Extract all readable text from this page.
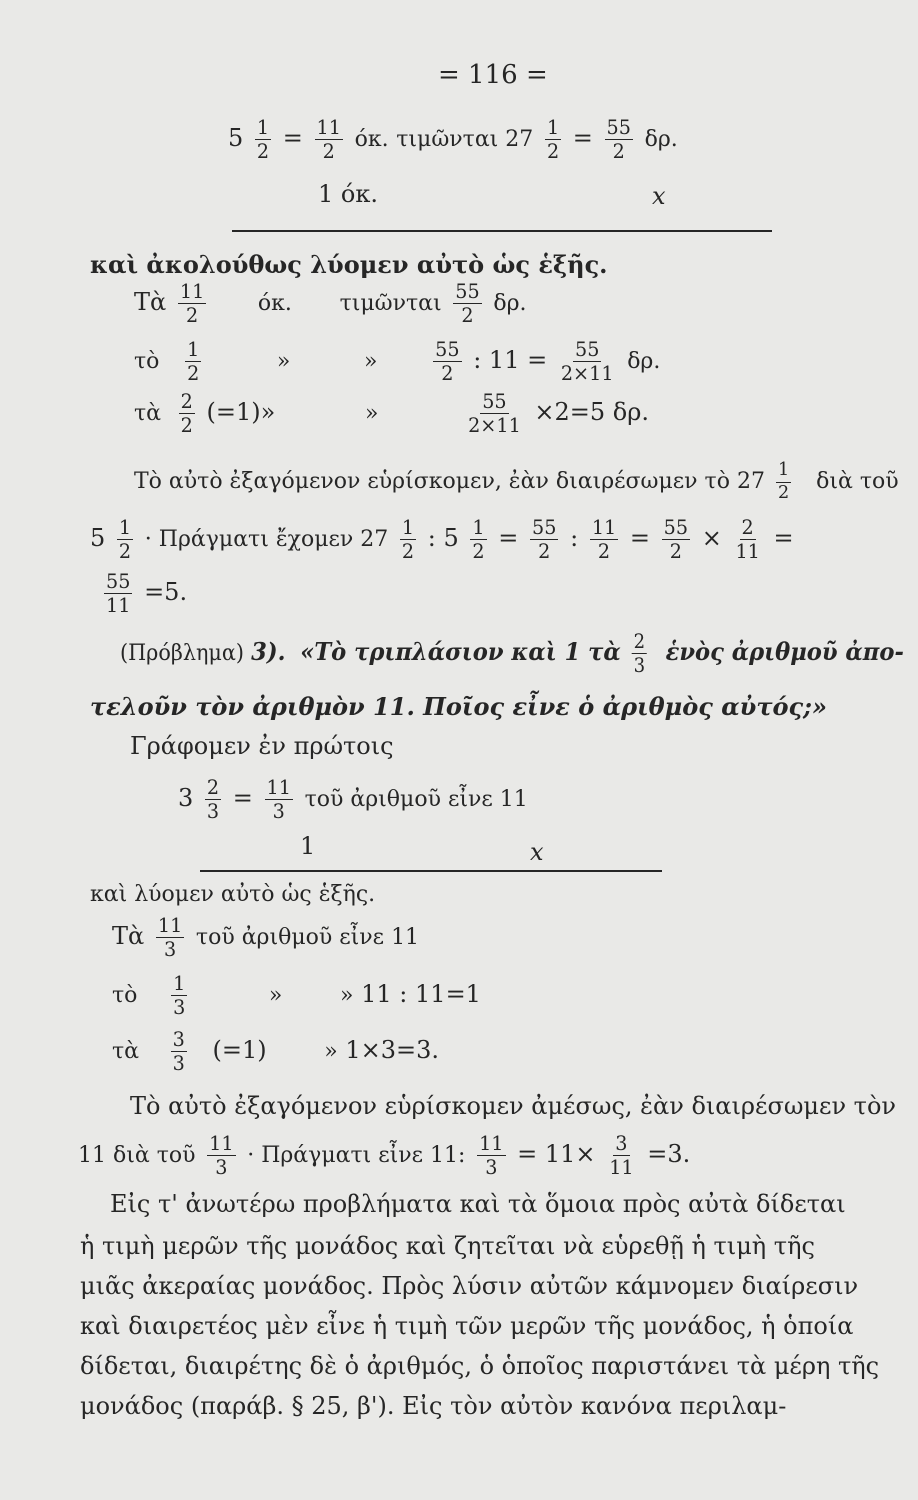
= 116 =
$5 \frac{1}{2} = \frac{11}{2} ό\kappa$. τιμῶνται $27 \frac{1}{2} = \frac{55}{2} \delta\rho$.
1 όκ.	x
καὶ ἀκολούθως λύομεν αὐτὸ ὡς ἑξῆς.
Τὰ $\frac{11}{2} ό\kappa$. τιμῶνται $\frac{55}{2} \delta\rho$.
τὸ $\frac{1}{2}$	»	»	$\frac{55}{2}$ : $11 = \frac{55}{2\times 11} \delta\rho$.
τὰ $\frac{2}{2} (=1)$»	»	$\frac{55}{2\times 11} \times 2=5$ δρ.
Τὸ αὐτὸ ἐξαγόμενον εὑρίσκομεν, ἐὰν διαιρέσωμεν τὸ $27 \frac{1}{2}$ διὰ τοῦ
$5 \frac{1}{2} \cdot \Pi\rho ά\gamma\mu\alpha\tau\iota$ ἔχομεν $27 \frac{1}{2}$ : $5 \frac{1}{2} = \frac{55}{2}$ : $\frac{11}{2} = \frac{55}{2} \times \frac{2}{11}$ =
$\frac{55}{11} =5$.
(Πρόβλημα) 3). «Τὸ τριπλάσιον καὶ 1 τὰ $\frac{2}{3}$ ἑνὸς ἀριθμοῦ ἀπο-
τελοῦν τὸν ἀριθμὸν 11. Ποῖος εἶνε ὁ ἀριθμὸς αὐτός;»
Γράφομεν ἐν πρώτοις
$3 \frac{2}{3} = \frac{11}{3}$ τοῦ ἀριθμοῦ εἶνε 11
1	x
καὶ λύομεν αὐτὸ ὡς ἑξῆς.
Τὰ $\frac{11}{3}$ τοῦ ἀριθμοῦ εἶνε 11
τὸ $\frac{1}{3}$	»	» 11 : 11=1
τὰ $\frac{3}{3} (=1)$	» 1×3=3.
Τὸ αὐτὸ ἐξαγόμενον εὑρίσκομεν ἀμέσως, ἐὰν διαιρέσωμεν τὸν
11 διὰ τοῦ $\frac{11}{3} \cdot \Pi\rho ά\gamma\mu\alpha\tau\iota$ εἶνε 11: $\frac{11}{3} = 11\times \frac{3}{11} =3$.
Εἰς τ' ἀνωτέρω προβλήματα καὶ τὰ ὅμοια πρὸς αὐτὰ δίδεται
ἡ τιμὴ μερῶν τῆς μονάδος καὶ ζητεῖται νὰ εὑρεθῇ ἡ τιμὴ τῆς
μιᾶς ἀκεραίας μονάδος. Πρὸς λύσιν αὐτῶν κάμνομεν διαίρεσιν
καὶ διαιρετέος μὲν εἶνε ἡ τιμὴ τῶν μερῶν τῆς μονάδος, ἡ ὁποία
δίδεται, διαιρέτης δὲ ὁ ἀριθμός, ὁ ὁποῖος παριστάνει τὰ μέρη τῆς
μονάδος (παράβ. § 25, β'). Εἰς τὸν αὐτὸν κανόνα περιλαμ-
